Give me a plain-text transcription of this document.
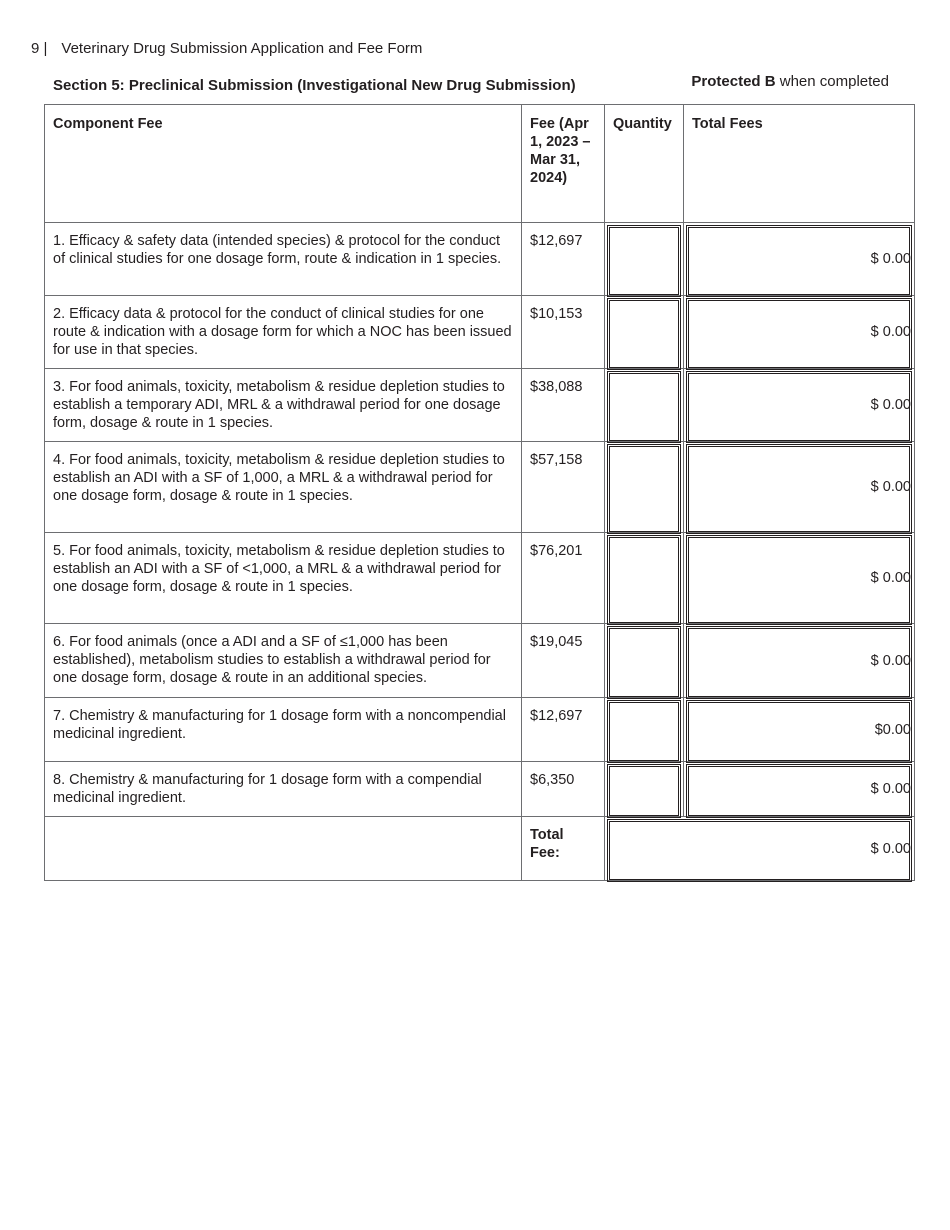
9 | Veterinary Drug Submission Application and Fee Form
Section 5: Preclinical Submission (Investigational New Drug Submission)	Protected B when completed
Component Fee	Fee (Apr 1, 2023 – Mar 31, 2024)	Quantity	Total Fees

1. Efficacy & safety data (intended species) & protocol for the conduct of clinical studies for one dosage form, route & indication in 1 species.	$12,697		$ 0.00

2. Efficacy data & protocol for the conduct of clinical studies for one route & indication with a dosage form for which a NOC has been issued for use in that species.	$10,153		$ 0.00

3. For food animals, toxicity, metabolism & residue depletion studies to establish a temporary ADI, MRL & a withdrawal period for one dosage form, dosage & route in 1 species.	$38,088		$ 0.00

4. For food animals, toxicity, metabolism & residue depletion studies to establish an ADI with a SF of 1,000, a MRL & a withdrawal period for one dosage form, dosage & route in 1 species.	$57,158		$ 0.00

5. For food animals, toxicity, metabolism & residue depletion studies to establish an ADI with a SF of <1,000, a MRL & a withdrawal period for one dosage form, dosage & route in 1 species.	$76,201		$ 0.00

6. For food animals (once a ADI and a SF of ≤1,000 has been established), metabolism studies to establish a withdrawal period for one dosage form, dosage & route in an additional species.	$19,045		$ 0.00

7. Chemistry & manufacturing for 1 dosage form with a noncompendial medicinal ingredient.	$12,697		$0.00

8. Chemistry & manufacturing for 1 dosage form with a compendial medicinal ingredient.	$6,350		$ 0.00

	Total Fee:	$ 0.00	
